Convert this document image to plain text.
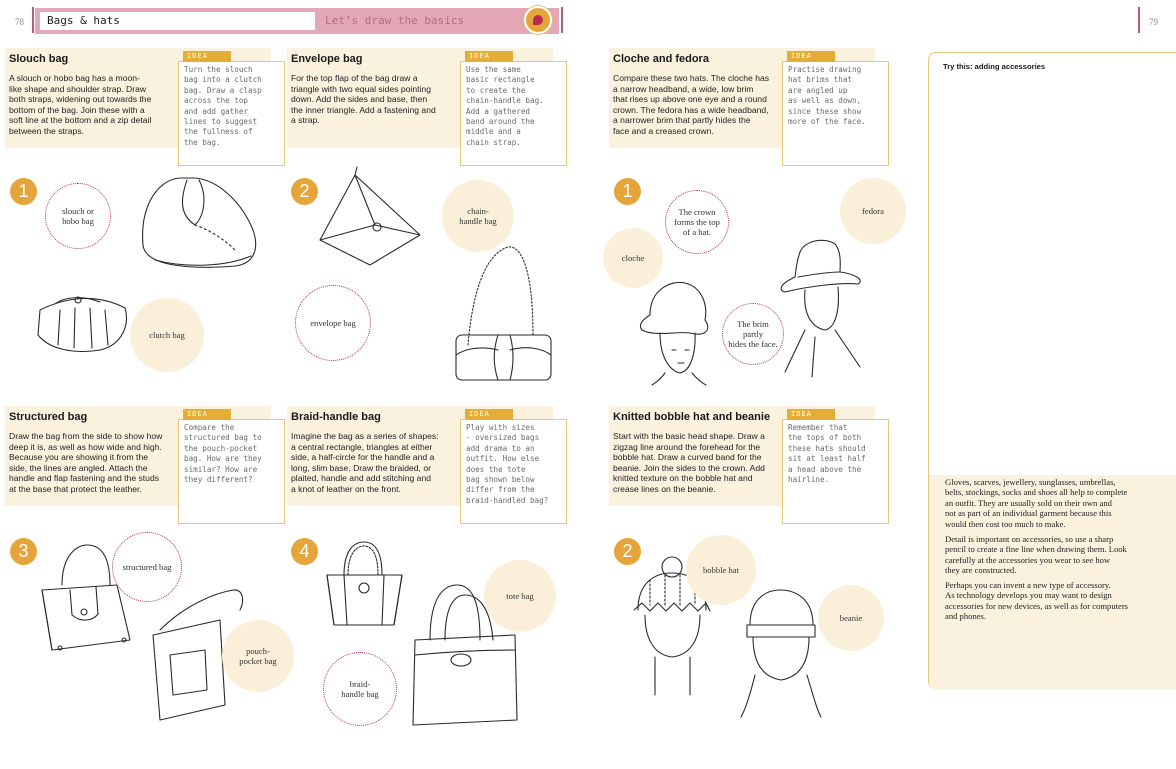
78	Bags & hats	Let’s draw the basics	79
Slouch bag
A slouch or hobo bag has a moon-
like shape and shoulder strap. Draw
both straps, widening out towards the
bottom of the bag. Join these with a
soft line at the bottom and a zip detail
between the straps.
IDEA
Turn the slouch
bag into a clutch
bag. Draw a clasp
across the top
and add gather
lines to suggest
the fullness of
the bag.
Envelope bag
For the top flap of the bag draw a
triangle with two equal sides pointing
down. Add the sides and base, then
the inner triangle. Add a fastening and
a strap.
IDEA
Use the same
basic rectangle
to create the
chain-handle bag.
Add a gathered
band around the
middle and a
chain strap.
Cloche and fedora
Compare these two hats. The cloche has
a narrow headband, a wide, low brim
that rises up above one eye and a round
crown. The fedora has a wide headband,
a narrower brim that partly hides the
face and a creased crown.
IDEA
Practise drawing
hat brims that
are angled up
as well as down,
since these show
more of the face.
Structured bag
Draw the bag from the side to show how
deep it is, as well as how wide and high.
Because you are showing it from the
side, the lines are angled. Attach the
handle and flap fastening and the studs
at the base that protect the leather.
IDEA
Compare the
structured bag to
the pouch-pocket
bag. How are they
similar? How are
they different?
Braid-handle bag
Imagine the bag as a series of shapes:
a central rectangle, triangles at either
side, a half-circle for the handle and a
long, slim base. Draw the braided, or
plaited, handle and add stitching and
a knot of leather on the front.
IDEA
Play with sizes
- oversized bags
add drama to an
outfit. How else
does the tote
bag shown below
differ from the
braid-handled bag?
Knitted bobble hat and beanie
Start with the basic head shape. Draw a
zigzag line around the forehead for the
bobble hat. Draw a curved band for the
beanie. Join the sides to the crown. Add
knitted texture on the bobble hat and
crease lines on the beanie.
IDEA
Remember that
the tops of both
these hats should
sit at least half
a head above the
hairline.
1	2	1
3	4	2
slouch or
hobo bag
clutch bag
envelope bag
chain-
handle bag
The crown
forms the top
of a hat.
cloche
fedora
The brim partly
hides the face.
structured bag
pouch-
pocket bag
tote bag
braid-
handle bag
bobble hat
beanie
Try this: adding accessories

Gloves, scarves, jewellery, sunglasses, umbrellas,
belts, stockings, socks and shoes all help to complete
an outfit. They are usually sold on their own and
not as part of an individual garment because this
would then cost too much to make.

Detail is important on accessories, so use a sharp
pencil to create a fine line when drawing them. Look
carefully at the accessories you wear to see how
they are constructed.

Perhaps you can invent a new type of accessory.
As technology develops you may want to design
accessories for new devices, as well as for computers
and phones.
